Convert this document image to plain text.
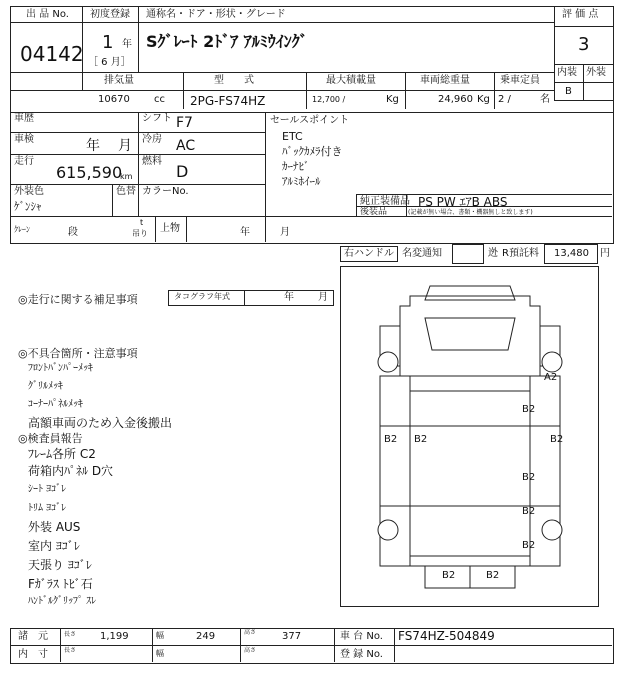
出 品 No.
04142
初度登録 通称名・ドア・形状・グレード
1 年
［ 6 月］
Sｸﾞﾚｰﾄ 2ﾄﾞｱ ｱﾙﾐｳｲﾝｸﾞ
評 価 点
3
内装 外装
B
排気量	型　　式	最大積載量	車両総重量	乗車定員
10670 cc 2PG-FS74HZ	12,700 /	Kg	24,960 Kg 2 /	名
車歴	シフト F7
車検	年 月 冷房 AC
走行
615,590
km
燃料
D
外装色
ｹﾞﾝｼｬ
色替 カラーNo.
セールスポイント
ETC
ﾊﾞｯｸｶﾒﾗ付き
ｶｰﾅﾋﾞ
ｱﾙﾐﾎｲｰﾙ
純正装備品 PS PW ｴｱB ABS
後装品	(記載が無い場合、書類・機器無しと致します)
ｸﾚｰﾝ	段
t
吊り 上物	年	月
右ハンドル 名変通知	迯 R預託料 13,480 円
◎走行に関する補足事項	タコグラフ年式	年 月
◎不具合箇所・注意事項
ﾌﾛﾝﾄﾊﾞﾝﾊﾟｰﾒｯｷ
ｸﾞﾘﾙﾒｯｷ
ｺｰﾅｰﾊﾟﾈﾙﾒｯｷ
高額車両のため入金後搬出
◎検査員報告
ﾌﾚｰﾑ各所 C2
荷箱内ﾊﾟﾈﾙ D穴
ｼｰﾄ ﾖｺﾞﾚ
ﾄﾘﾑ ﾖｺﾞﾚ
外装 AUS
室内 ﾖｺﾞﾚ
天張り ﾖｺﾞﾚ
Fｶﾞﾗｽ ﾄﾋﾞ石
ﾊﾝﾄﾞﾙｸﾞﾘｯﾌﾟ ｽﾚ
A2
B2
B2 B2	B2
B2
B2
B2	B2
B2
諸　元	長さ 1,199	幅	249	高さ	377	車 台 No. FS74HZ-504849
内　寸	長さ	幅	高さ	登 録 No.
